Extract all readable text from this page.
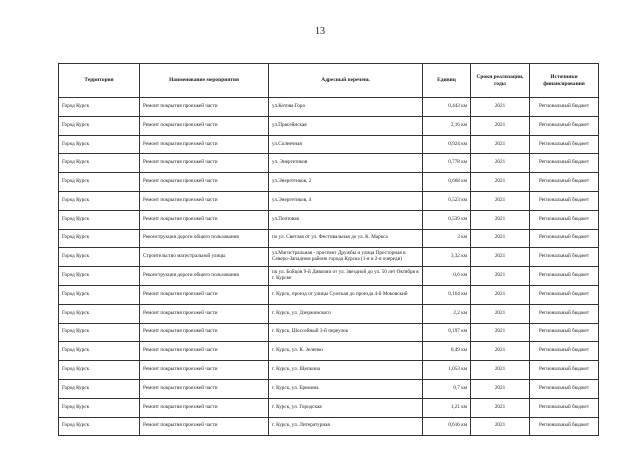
13
Территория	Наименование мероприятия	Адресный перечень	Единиц	Сроки реализации, годы	Источники финансирования
Город Курск	Ремонт покрытия проезжей части	ул.Котова Гора	0,443 км	2021	Региональный бюджет
Город Курск	Ремонт покрытия проезжей части	ул.Прясейнская	2,16 км	2021	Региональный бюджет
Город Курск	Ремонт покрытия проезжей части	ул.Солнечная	0,924 км	2021	Региональный бюджет
Город Курск	Ремонт покрытия проезжей части	ул. Энергетиков	0,778 км	2021	Региональный бюджет
Город Курск	Ремонт покрытия проезжей части	ул.Энергетиков, 2	0,668 км	2021	Региональный бюджет
Город Курск	Ремонт покрытия проезжей части	ул.Энергетиков, 4	0,523 км	2021	Региональный бюджет
Город Курск	Ремонт покрытия проезжей части	ул.Почтовая	0,539 км	2021	Региональный бюджет
Город Курск	Реконструкция дороги общего пользования	по ул. Светлая от ул. Фестивальная до ул. К. Маркса	3 км	2021	Региональный бюджет
Город Курск	Строительство магистральной улицы	ул.Магистральная - проспект Дружбы и улица Просторная в Северо-Западном районе города Курска (1-я и 2-я очереди)	3,32 км	2021	Региональный бюджет
Город Курск	Реконструкция дороги общего пользования	по ул. Бойцов 9-й Дивизии от ул. Звездной до ул. 50 лет Октября в г. Курске	0,6 км	2021	Региональный бюджет
Город Курск	Ремонт покрытия проезжей части	г. Курск, проезд от улицы Сумская до проезда 4-й Моковский	0,164 км	2021	Региональный бюджет
Город Курск	Ремонт покрытия проезжей части	г. Курск, ул. Дзержинского	2,2 км	2021	Региональный бюджет
Город Курск	Ремонт покрытия проезжей части	г. Курск, Шоссейный 3-й переулок	0,197 км	2021	Региональный бюджет
Город Курск	Ремонт покрытия проезжей части	г. Курск, ул. К. Зеленко	0,49 км	2021	Региональный бюджет
Город Курск	Ремонт покрытия проезжей части	г. Курск, ул. Щепкина	1,053 км	2021	Региональный бюджет
Город Курск	Ремонт покрытия проезжей части	г. Курск, ул. Еремина	0,7 км	2021	Региональный бюджет
Город Курск	Ремонт покрытия проезжей части	г. Курск, ул. Городская	1,21 км	2021	Региональный бюджет
Город Курск	Ремонт покрытия проезжей части	г. Курск, ул. Литературная	0,616 км	2021	Региональный бюджет
